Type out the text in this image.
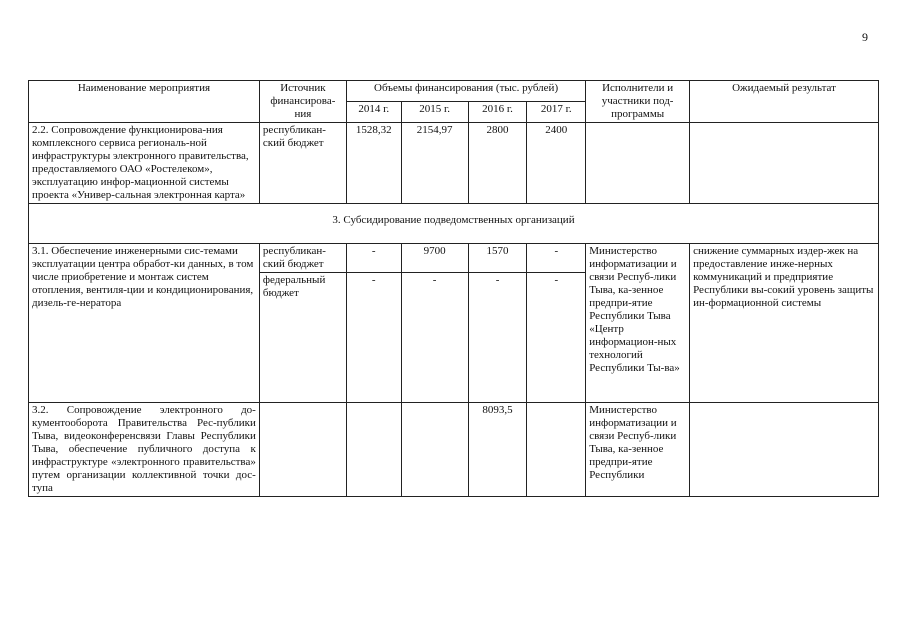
9
Наименование мероприятия	Источник финансирова-ния	Объемы финансирования (тыс. рублей)				Исполнители и участники под-программы	Ожидаемый результат
		2014 г.	2015 г.	2016 г.	2017 г.		
2.2. Сопровождение функционирова-ния комплексного сервиса региональ-ной инфраструктуры электронного правительства, предоставляемого ОАО «Ростелеком», эксплуатацию инфор-мационной системы проекта «Универ-сальная электронная карта»	республикан-ский бюджет	1528,32	2154,97	2800	2400		
3. Субсидирование подведомственных организаций							
3.1. Обеспечение инженерными сис-темами эксплуатации центра обработ-ки данных, в том числе приобретение и монтаж систем отопления, вентиля-ции и кондиционирования, дизель-ге-нератора	республикан-ский бюджет	-	9700	1570	-	Министерство информатизации и связи Респуб-лики Тыва, ка-зенное предпри-ятие Республики Тыва «Центр информацион-ных технологий Республики Ты-ва»	снижение суммарных издер-жек на предоставление инже-нерных коммуникаций и предприятие Республики вы-сокий уровень защиты ин-формационной системы
	федеральный бюджет	-	-	-	-		
3.2. Сопровождение электронного до-кументооборота Правительства Рес-публики Тыва, видеоконференсвязи Главы Республики Тыва, обеспечение публичного доступа к инфраструктуре «электронного правительства» путем организации коллективной точки дос-тупа				8093,5		Министерство информатизации и связи Респуб-лики Тыва, ка-зенное предпри-ятие Республики	
